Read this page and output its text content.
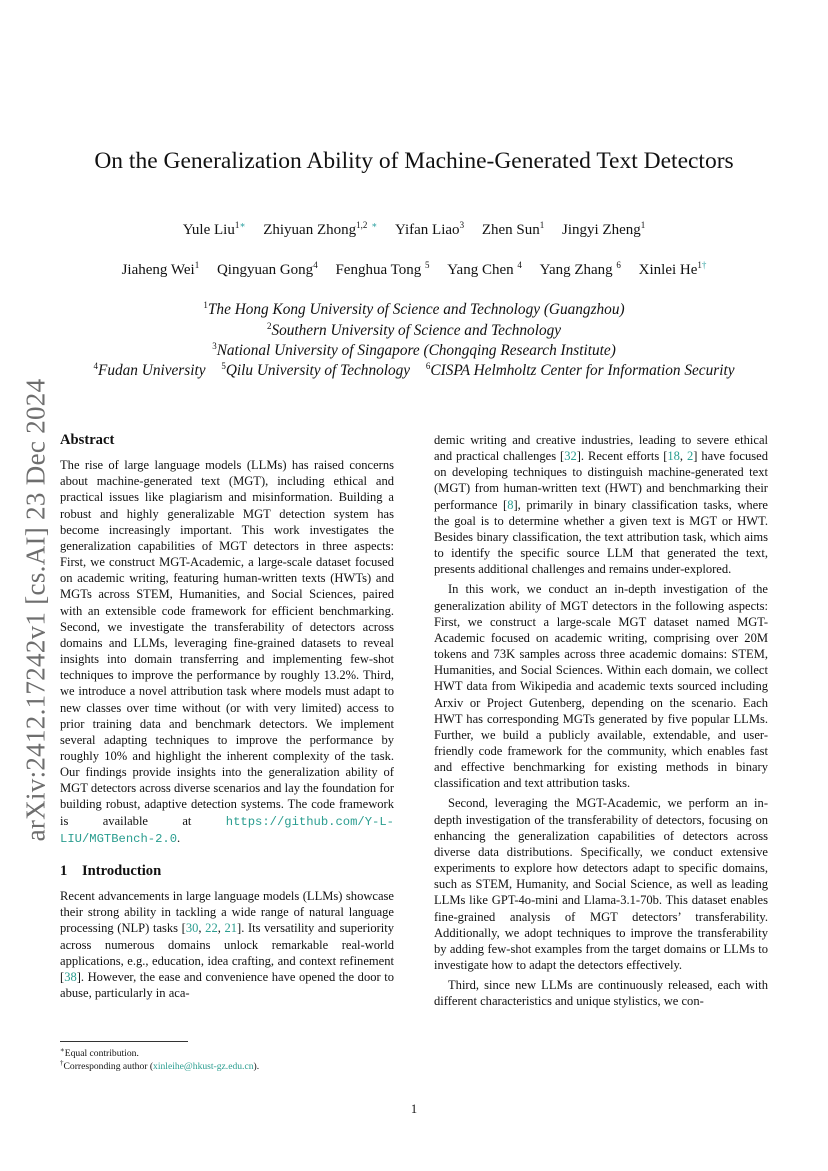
arXiv:2412.17242v1 [cs.AI] 23 Dec 2024
On the Generalization Ability of Machine-Generated Text Detectors
Yule Liu$^{1∗}$ Zhiyuan Zhong$^{1,2}$ ∗ Yifan Liao$^3$ Zhen Sun$^1$ Jingyi Zheng$^1$
Jiaheng Wei$^1$ Qingyuan Gong$^4$ Fenghua Tong $^5$ Yang Chen $^4$ Yang Zhang $^6$ Xinlei $He^{1\dagger}$
$^1$The Hong Kong University of Science and Technology (Guangzhou)
$^2$Southern University of Science and Technology
$^3$National University of Singapore (Chongqing Research Institute)
$^4$Fudan University $^5$Qilu University of Technology $^6$CISPA Helmholtz Center for Information Security
Abstract

The rise of large language models (LLMs) has raised concerns about machine-generated text (MGT), including ethical and practical issues like plagiarism and misinformation. Building a robust and highly generalizable MGT detection system has become increasingly important. This work investigates the generalization capabilities of MGT detectors in three aspects: First, we construct MGT-Academic, a large-scale dataset focused on academic writing, featuring human-written texts (HWTs) and MGTs across STEM, Humanities, and Social Sciences, paired with an extensible code framework for efficient benchmarking. Second, we investigate the transferability of detectors across domains and LLMs, leveraging fine-grained datasets to reveal insights into domain transferring and implementing few-shot techniques to improve the performance by roughly 13.2%. Third, we introduce a novel attribution task where models must adapt to new classes over time without (or with very limited) access to prior training data and benchmark detectors. We implement several adapting techniques to improve the performance by roughly 10% and highlight the inherent complexity of the task. Our findings provide insights into the generalization ability of MGT detectors across diverse scenarios and lay the foundation for building robust, adaptive detection systems. The code framework is available at https://github.com/Y-L-LIU/MGTBench-2.0.

1 Introduction

Recent advancements in large language models (LLMs) showcase their strong ability in tackling a wide range of natural language processing (NLP) tasks [30, 22, 21]. Its versatility and superiority across numerous domains unlock remarkable real-world applications, e.g., education, idea crafting, and context refinement [38]. However, the ease and convenience have opened the door to abuse, particularly in aca-

demic writing and creative industries, leading to severe ethical and practical challenges [32]. Recent efforts [18, 2] have focused on developing techniques to distinguish machine-generated text (MGT) from human-written text (HWT) and benchmarking their performance [8], primarily in binary classification tasks, where the goal is to determine whether a given text is MGT or HWT. Besides binary classification, the text attribution task, which aims to identify the specific source LLM that generated the text, presents additional challenges and remains under-explored.

In this work, we conduct an in-depth investigation of the generalization ability of MGT detectors in the following aspects: First, we construct a large-scale MGT dataset named MGT-Academic focused on academic writing, comprising over 20M tokens and 73K samples across three academic domains: STEM, Humanities, and Social Sciences. Within each domain, we collect HWT data from Wikipedia and academic texts sourced including Arxiv or Project Gutenberg, depending on the scenario. Each HWT has corresponding MGTs generated by five popular LLMs. Further, we build a publicly available, extendable, and user-friendly code framework for the community, which enables fast and effective benchmarking for existing methods in binary classification and text attribution tasks.

Second, leveraging the MGT-Academic, we perform an in-depth investigation of the transferability of detectors, focusing on enhancing the generalization capabilities of detectors across diverse data distributions. Specifically, we conduct extensive experiments to explore how detectors adapt to specific domains, such as STEM, Humanity, and Social Science, as well as leading LLMs like GPT-4o-mini and Llama-3.1-70b. This dataset enables fine-grained analysis of MGT detectors’ transferability. Additionally, we adopt techniques to improve the transferability by adding few-shot examples from the target domains or LLMs to investigate how to adapt the detectors effectively.

Third, since new LLMs are continuously released, each with different characteristics and unique stylistics, we con-

∗Equal contribution.
†Corresponding author (xinleihe@hkust-gz.edu.cn).
1
